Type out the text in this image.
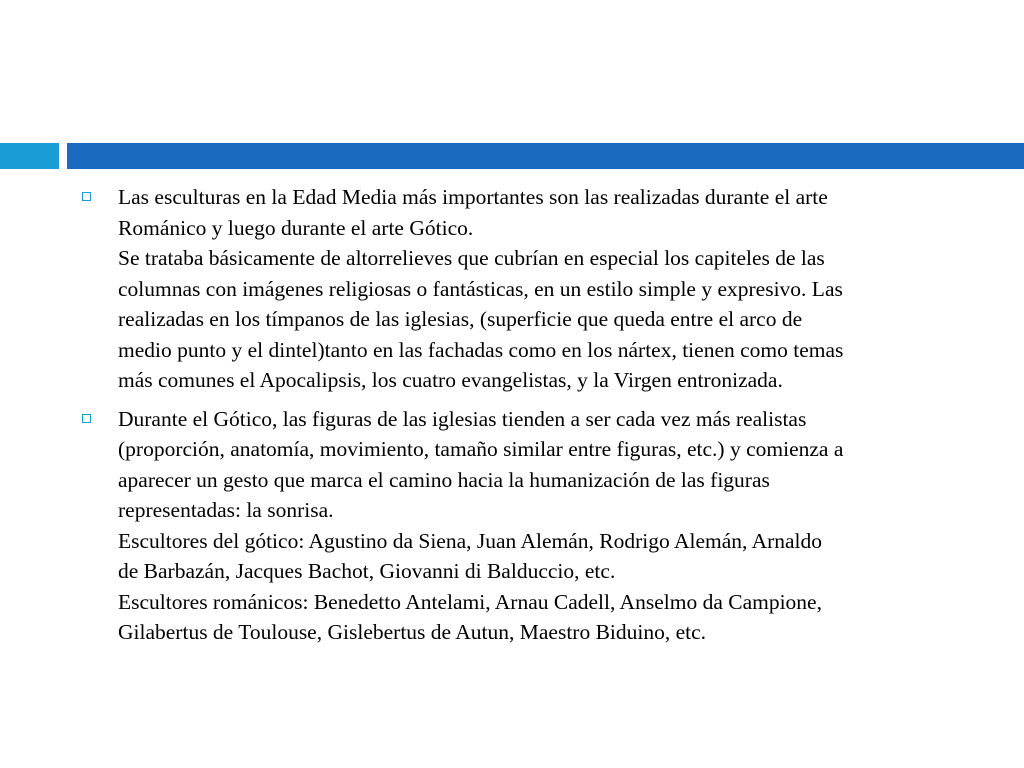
Las esculturas en la Edad Media más importantes son las realizadas durante el arte
Románico y luego durante el arte Gótico.
Se trataba básicamente de altorrelieves que cubrían en especial los capiteles de las
columnas con imágenes religiosas o fantásticas, en un estilo simple y expresivo. Las
realizadas en los tímpanos de las iglesias, (superficie que queda entre el arco de
medio punto y el dintel)tanto en las fachadas como en los nártex, tienen como temas
más comunes el Apocalipsis, los cuatro evangelistas, y la Virgen entronizada.
Durante el Gótico, las figuras de las iglesias tienden a ser cada vez más realistas
(proporción, anatomía, movimiento, tamaño similar entre figuras, etc.) y comienza a
aparecer un gesto que marca el camino hacia la humanización de las figuras
representadas: la sonrisa.
Escultores del gótico: Agustino da Siena, Juan Alemán, Rodrigo Alemán, Arnaldo
de Barbazán, Jacques Bachot, Giovanni di Balduccio, etc.
Escultores románicos: Benedetto Antelami, Arnau Cadell, Anselmo da Campione,
Gilabertus de Toulouse, Gislebertus de Autun, Maestro Biduino, etc.
